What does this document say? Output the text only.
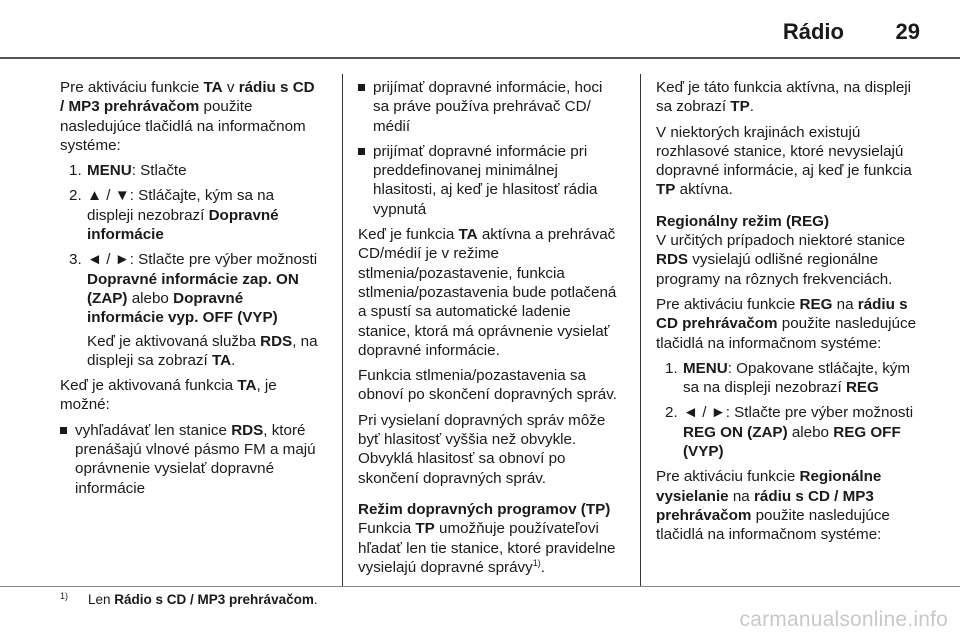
Rádio 29

Pre aktiváciu funkcie TA v rádiu s CD / MP3 prehrávačom použite nasledujúce tlačidlá na informačnom systéme:

1. MENU: Stlačte
2. ▲ / ▼: Stláčajte, kým sa na displeji nezobrazí Dopravné informácie
3. ◄ / ►: Stlačte pre výber možnosti Dopravné informácie zap. ON (ZAP) alebo Dopravné informácie vyp. OFF (VYP)
Keď je aktivovaná služba RDS, na displeji sa zobrazí TA.

Keď je aktivovaná funkcia TA, je možné:

vyhľadávať len stanice RDS, ktoré prenášajú vlnové pásmo FM a majú oprávnenie vysielať dopravné informácie
prijímať dopravné informácie, hoci sa práve používa prehrávač CD/ médií
prijímať dopravné informácie pri preddefinovanej minimálnej hlasitosti, aj keď je hlasitosť rádia vypnutá

Keď je funkcia TA aktívna a prehrávač CD/médií je v režime stlmenia/pozastavenie, funkcia stlmenia/pozastavenia bude potlačená a spustí sa automatické ladenie stanice, ktorá má oprávnenie vysielať dopravné informácie.

Funkcia stlmenia/pozastavenia sa obnoví po skončení dopravných správ.

Pri vysielaní dopravných správ môže byť hlasitosť vyššia než obvykle. Obvyklá hlasitosť sa obnoví po skončení dopravných správ.

Režim dopravných programov (TP)

Funkcia TP umožňuje používateľovi hľadať len tie stanice, ktoré pravidelne vysielajú dopravné správy$^{1)}$.

Keď je táto funkcia aktívna, na displeji sa zobrazí TP.

V niektorých krajinách existujú rozhlasové stanice, ktoré nevysielajú dopravné informácie, aj keď je funkcia TP aktívna.

Regionálny režim (REG)

V určitých prípadoch niektoré stanice RDS vysielajú odlišné regionálne programy na rôznych frekvenciách.

Pre aktiváciu funkcie REG na rádiu s CD prehrávačom použite nasledujúce tlačidlá na informačnom systéme:

1. MENU: Opakovane stláčajte, kým sa na displeji nezobrazí REG
2. ◄ / ►: Stlačte pre výber možnosti REG ON (ZAP) alebo REG OFF (VYP)

Pre aktiváciu funkcie Regionálne vysielanie na rádiu s CD / MP3 prehrávačom použite nasledujúce tlačidlá na informačnom systéme:

1) Len Rádio s CD / MP3 prehrávačom.
carmanualsonline.info
